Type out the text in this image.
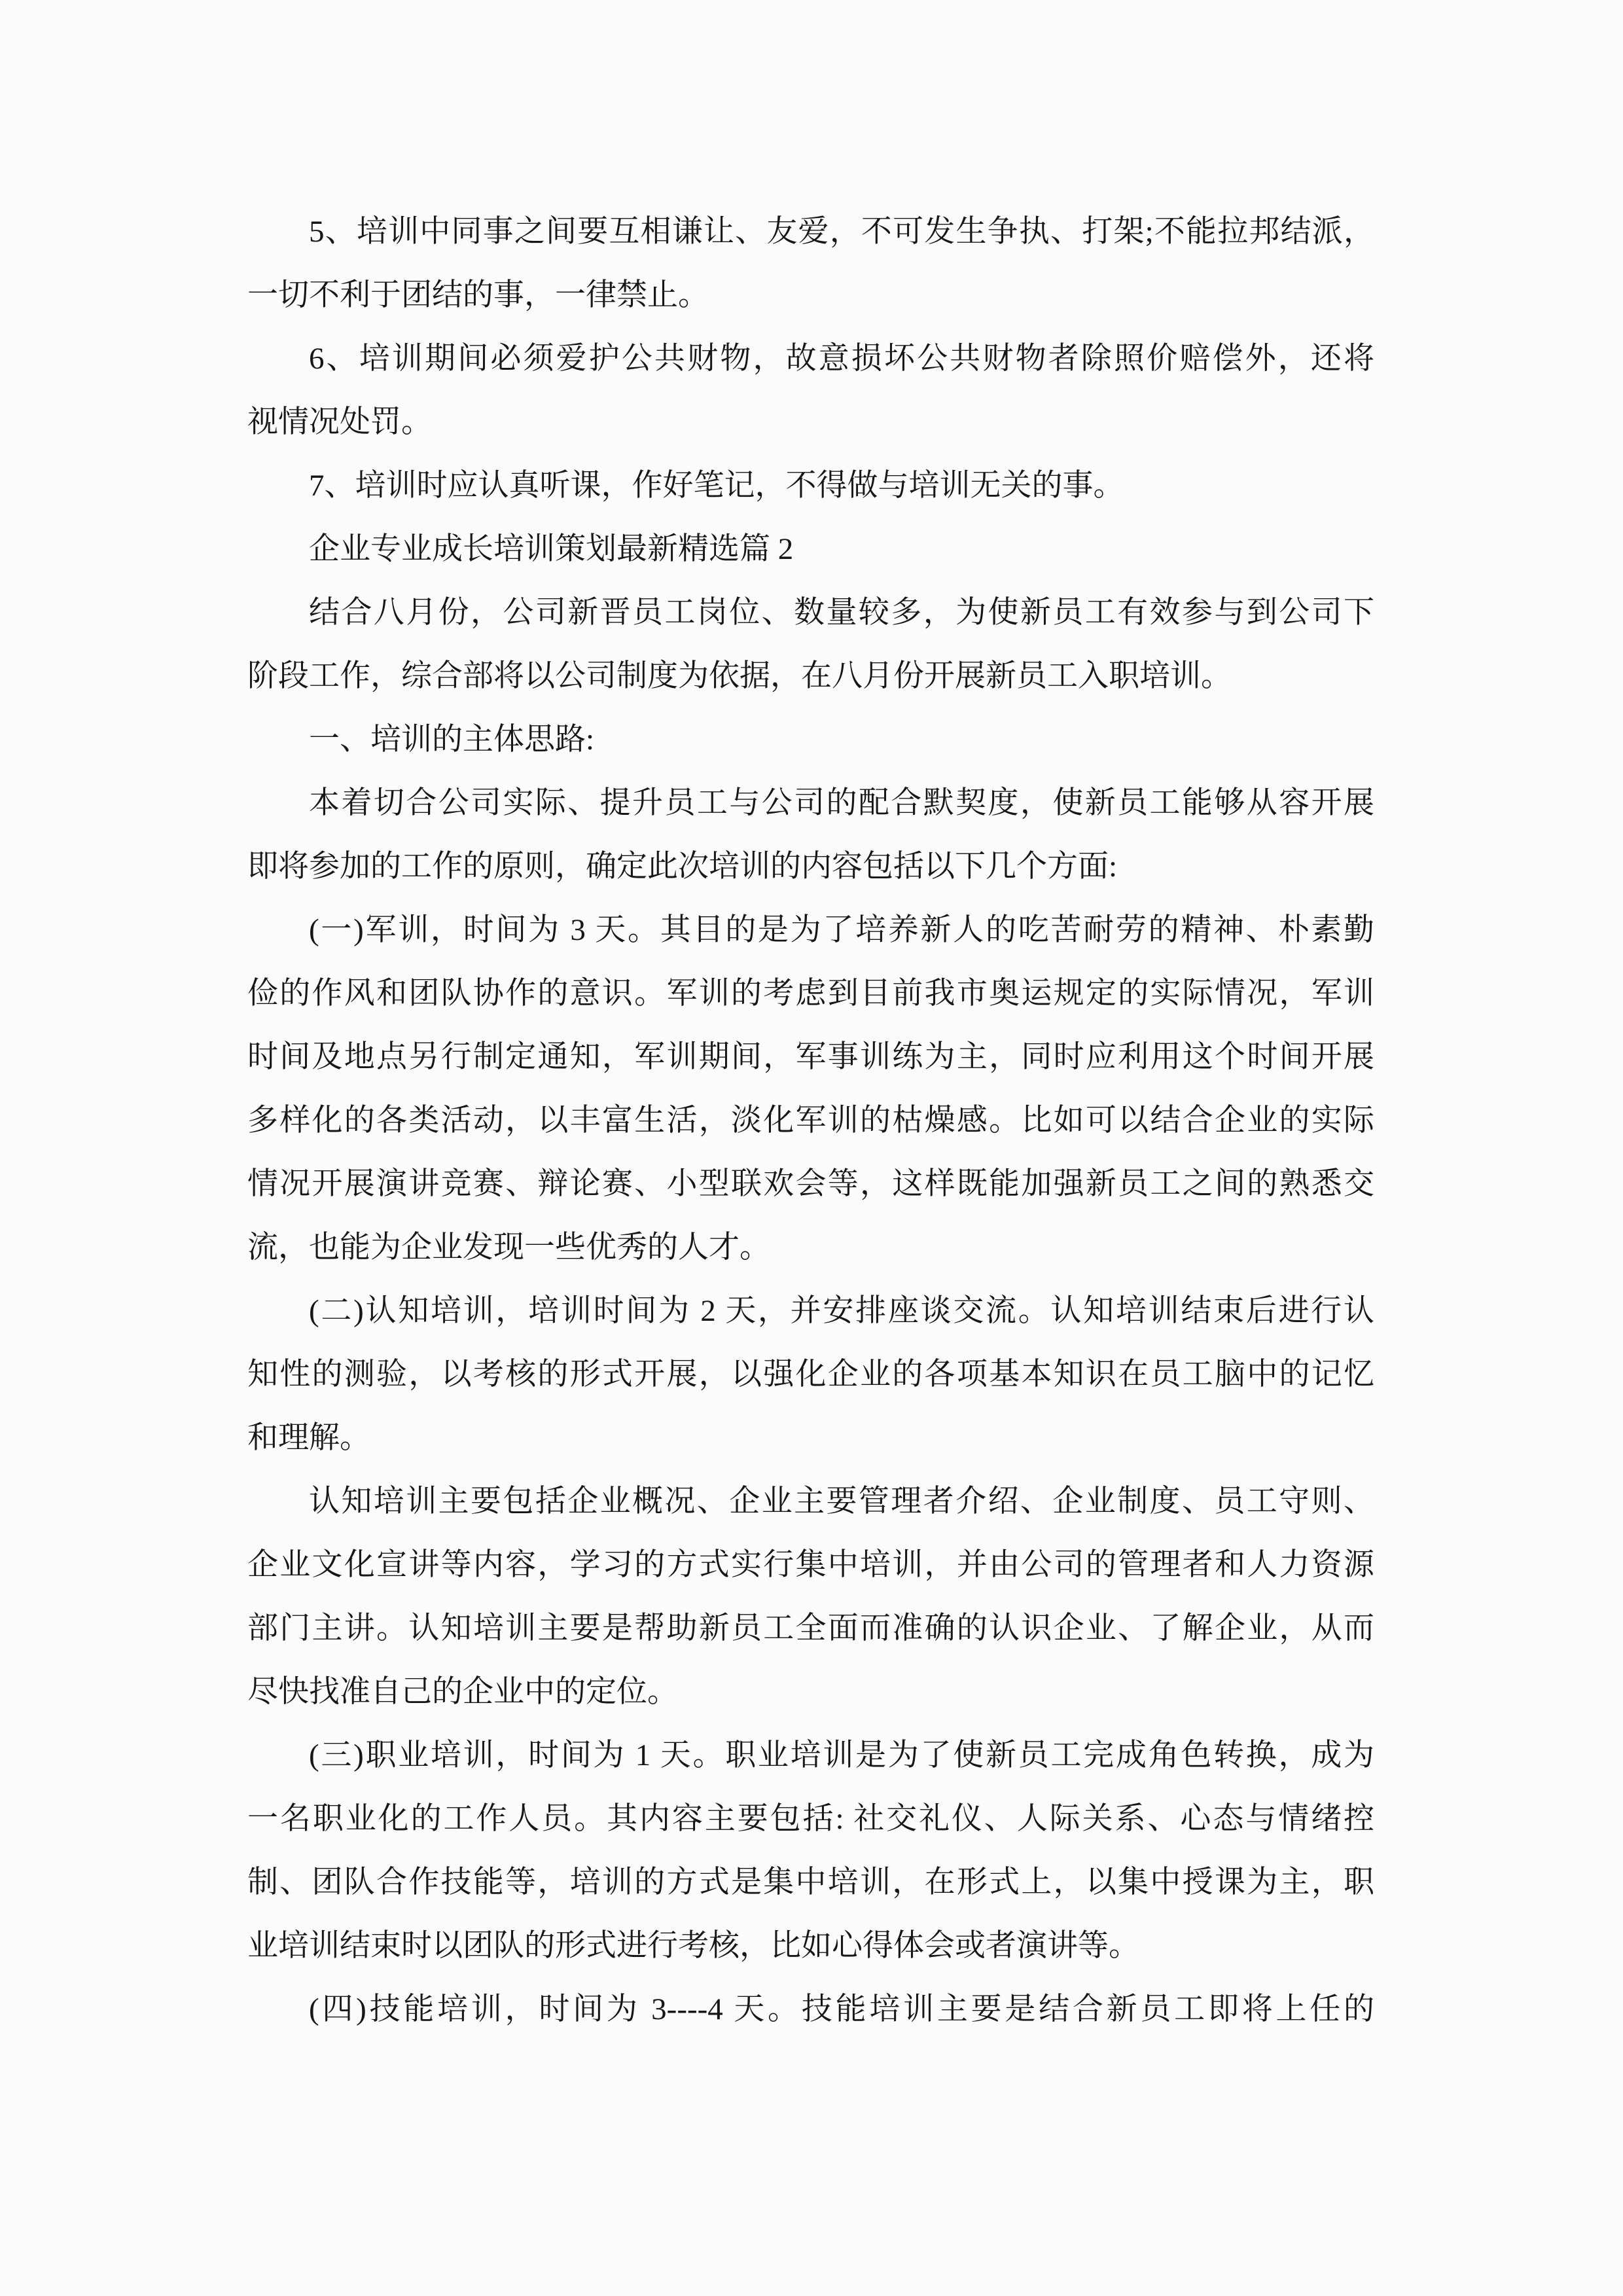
5、培训中同事之间要互相谦让、友爱，不可发生争执、打架;不能拉邦结派，
一切不利于团结的事，一律禁止。
6、培训期间必须爱护公共财物，故意损坏公共财物者除照价赔偿外，还将
视情况处罚。
7、培训时应认真听课，作好笔记，不得做与培训无关的事。
企业专业成长培训策划最新精选篇 2
结合八月份，公司新晋员工岗位、数量较多，为使新员工有效参与到公司下
阶段工作，综合部将以公司制度为依据，在八月份开展新员工入职培训。
一、培训的主体思路:
本着切合公司实际、提升员工与公司的配合默契度，使新员工能够从容开展
即将参加的工作的原则，确定此次培训的内容包括以下几个方面:
(一)军训，时间为 3 天。其目的是为了培养新人的吃苦耐劳的精神、朴素勤
俭的作风和团队协作的意识。军训的考虑到目前我市奥运规定的实际情况，军训
时间及地点另行制定通知，军训期间，军事训练为主，同时应利用这个时间开展
多样化的各类活动，以丰富生活，淡化军训的枯燥感。比如可以结合企业的实际
情况开展演讲竞赛、辩论赛、小型联欢会等，这样既能加强新员工之间的熟悉交
流，也能为企业发现一些优秀的人才。
(二)认知培训，培训时间为 2 天，并安排座谈交流。认知培训结束后进行认
知性的测验，以考核的形式开展，以强化企业的各项基本知识在员工脑中的记忆
和理解。
认知培训主要包括企业概况、企业主要管理者介绍、企业制度、员工守则、
企业文化宣讲等内容，学习的方式实行集中培训，并由公司的管理者和人力资源
部门主讲。认知培训主要是帮助新员工全面而准确的认识企业、了解企业，从而
尽快找准自己的企业中的定位。
(三)职业培训，时间为 1 天。职业培训是为了使新员工完成角色转换，成为
一名职业化的工作人员。其内容主要包括: 社交礼仪、人际关系、心态与情绪控
制、团队合作技能等，培训的方式是集中培训，在形式上，以集中授课为主，职
业培训结束时以团队的形式进行考核，比如心得体会或者演讲等。
(四)技能培训，时间为 3----4 天。技能培训主要是结合新员工即将上任的
